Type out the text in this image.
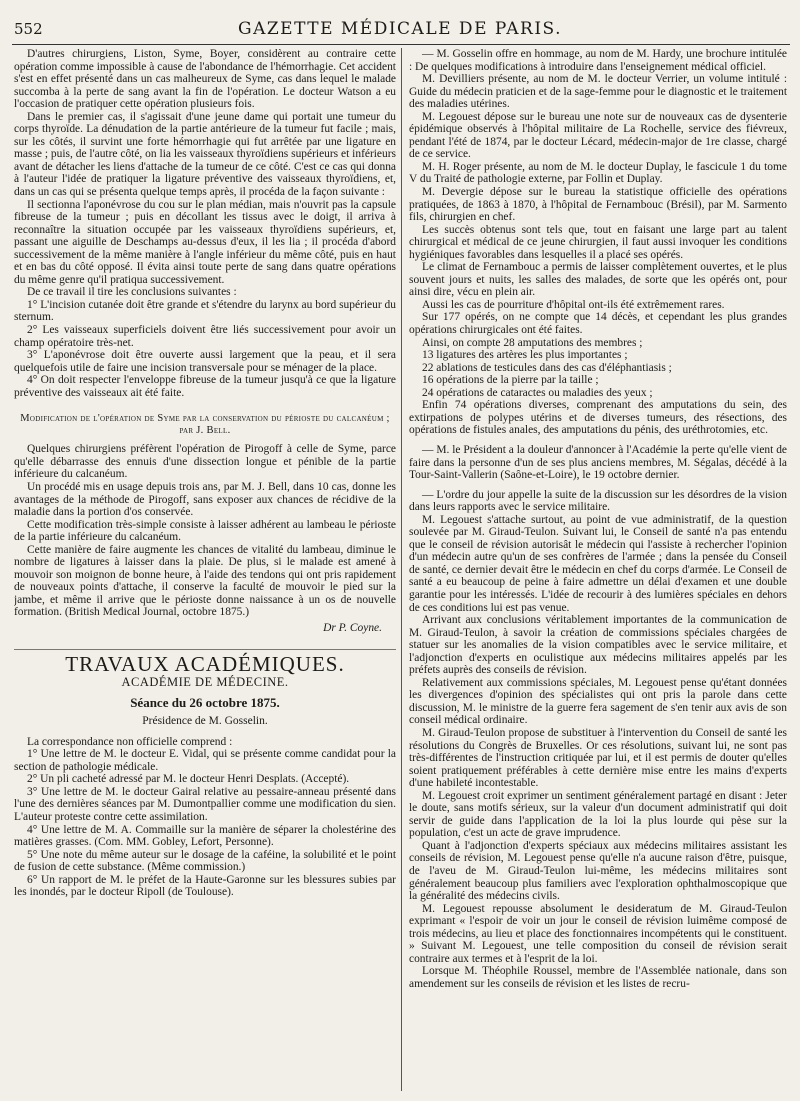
552	GAZETTE MÉDICALE DE PARIS.

D'autres chirurgiens, Liston, Syme, Boyer, considèrent au contraire cette opération comme impossible à cause de l'abondance de l'hémorrhagie. Cet accident s'est en effet présenté dans un cas malheureux de Syme, cas dans lequel le malade succomba à la perte de sang avant la fin de l'opération. Le docteur Watson a eu l'occasion de pratiquer cette opération plusieurs fois.

Dans le premier cas, il s'agissait d'une jeune dame qui portait une tumeur du corps thyroïde. La dénudation de la partie antérieure de la tumeur fut facile ; mais, sur les côtés, il survint une forte hémorrhagie qui fut arrêtée par une ligature en masse ; puis, de l'autre côté, on lia les vaisseaux thyroïdiens supérieurs et inférieurs avant de détacher les liens d'attache de la tumeur de ce côté. C'est ce cas qui donna à l'auteur l'idée de pratiquer la ligature préventive des vaisseaux thyroïdiens, et, dans un cas qui se présenta quelque temps après, il procéda de la façon suivante :

Il sectionna l'aponévrose du cou sur le plan médian, mais n'ouvrit pas la capsule fibreuse de la tumeur ; puis en décollant les tissus avec le doigt, il arriva à reconnaître la situation occupée par les vaisseaux thyroïdiens supérieurs, et, passant une aiguille de Deschamps au-dessus d'eux, il les lia ; il procéda d'abord successivement de la même manière à l'angle inférieur du même côté, puis en haut et en bas du côté opposé. Il évita ainsi toute perte de sang dans quatre opérations du même genre qu'il pratiqua successivement.

De ce travail il tire les conclusions suivantes :

1° L'incision cutanée doit être grande et s'étendre du larynx au bord supérieur du sternum.

2° Les vaisseaux superficiels doivent être liés successivement pour avoir un champ opératoire très-net.

3° L'aponévrose doit être ouverte aussi largement que la peau, et il sera quelquefois utile de faire une incision transversale pour se ménager de la place.

4° On doit respecter l'enveloppe fibreuse de la tumeur jusqu'à ce que la ligature préventive des vaisseaux ait été faite.

Modification de l'opération de Syme par la conservation du périoste du calcanéum ; par J. Bell.

Quelques chirurgiens préfèrent l'opération de Pirogoff à celle de Syme, parce qu'elle débarrasse des ennuis d'une dissection longue et pénible de la partie inférieure du calcanéum.

Un procédé mis en usage depuis trois ans, par M. J. Bell, dans 10 cas, donne les avantages de la méthode de Pirogoff, sans exposer aux chances de récidive de la maladie dans la portion d'os conservée.

Cette modification très-simple consiste à laisser adhérent au lambeau le périoste de la partie inférieure du calcanéum.

Cette manière de faire augmente les chances de vitalité du lambeau, diminue le nombre de ligatures à laisser dans la plaie. De plus, si le malade est amené à mouvoir son moignon de bonne heure, à l'aide des tendons qui ont pris rapidement de nouveaux points d'attache, il conserve la faculté de mouvoir le pied sur la jambe, et même il arrive que le périoste donne naissance à un os de nouvelle formation. (British Medical Journal, octobre 1875.)

Dr P. Coyne.
TRAVAUX ACADÉMIQUES.
ACADÉMIE DE MÉDECINE.
Séance du 26 octobre 1875.
Présidence de M. Gosselin.

La correspondance non officielle comprend :

1° Une lettre de M. le docteur E. Vidal, qui se présente comme candidat pour la section de pathologie médicale.

2° Un pli cacheté adressé par M. le docteur Henri Desplats. (Accepté).

3° Une lettre de M. le docteur Gairal relative au pessaire-anneau présenté dans l'une des dernières séances par M. Dumontpallier comme une modification du sien. L'auteur proteste contre cette assimilation.

4° Une lettre de M. A. Commaille sur la manière de séparer la cholestérine des matières grasses. (Com. MM. Gobley, Lefort, Personne).

5° Une note du même auteur sur le dosage de la caféine, la solubilité et le point de fusion de cette substance. (Même commission.)

6° Un rapport de M. le préfet de la Haute-Garonne sur les blessures subies par les inondés, par le docteur Ripoll (de Toulouse).

— M. Gosselin offre en hommage, au nom de M. Hardy, une brochure intitulée : De quelques modifications à introduire dans l'enseignement médical officiel.

M. Devilliers présente, au nom de M. le docteur Verrier, un volume intitulé : Guide du médecin praticien et de la sage-femme pour le diagnostic et le traitement des maladies utérines.

M. Legouest dépose sur le bureau une note sur de nouveaux cas de dysenterie épidémique observés à l'hôpital militaire de La Rochelle, service des fiévreux, pendant l'été de 1874, par le docteur Lécard, médecin-major de 1re classe, chargé de ce service.

M. H. Roger présente, au nom de M. le docteur Duplay, le fascicule 1 du tome V du Traité de pathologie externe, par Follin et Duplay.

M. Devergie dépose sur le bureau la statistique officielle des opérations pratiquées, de 1863 à 1870, à l'hôpital de Fernambouc (Brésil), par M. Sarmento fils, chirurgien en chef.

Les succès obtenus sont tels que, tout en faisant une large part au talent chirurgical et médical de ce jeune chirurgien, il faut aussi invoquer les conditions hygiéniques favorables dans lesquelles il a placé ses opérés.

Le climat de Fernambouc a permis de laisser complètement ouvertes, et le plus souvent jours et nuits, les salles des malades, de sorte que les opérés ont, pour ainsi dire, vécu en plein air.

Aussi les cas de pourriture d'hôpital ont-ils été extrêmement rares.

Sur 177 opérés, on ne compte que 14 décès, et cependant les plus grandes opérations chirurgicales ont été faites.

Ainsi, on compte 28 amputations des membres ;

13 ligatures des artères les plus importantes ;

22 ablations de testicules dans des cas d'éléphantiasis ;

16 opérations de la pierre par la taille ;

24 opérations de cataractes ou maladies des yeux ;

Enfin 74 opérations diverses, comprenant des amputations du sein, des extirpations de polypes utérins et de diverses tumeurs, des résections, des opérations de fistules anales, des amputations du pénis, des uréthrotomies, etc.

— M. le Président a la douleur d'annoncer à l'Académie la perte qu'elle vient de faire dans la personne d'un de ses plus anciens membres, M. Ségalas, décédé à la Tour-Saint-Vallerin (Saône-et-Loire), le 19 octobre dernier.

— L'ordre du jour appelle la suite de la discussion sur les désordres de la vision dans leurs rapports avec le service militaire.

M. Legouest s'attache surtout, au point de vue administratif, de la question soulevée par M. Giraud-Teulon. Suivant lui, le Conseil de santé n'a pas entendu que le conseil de révision autorisât le médecin qui l'assiste à rechercher l'opinion d'un médecin autre qu'un de ses confrères de l'armée ; dans la pensée du Conseil de santé, ce dernier devait être le médecin en chef du corps d'armée. Le Conseil de santé a eu beaucoup de peine à faire admettre un délai d'examen et une double garantie pour les intéressés. L'idée de recourir à des lumières spéciales en dehors de ces conditions lui est pas venue.

Arrivant aux conclusions véritablement importantes de la communication de M. Giraud-Teulon, à savoir la création de commissions spéciales chargées de statuer sur les anomalies de la vision compatibles avec le service militaire, et l'adjonction d'experts en oculistique aux médecins militaires appelés par les préfets auprès des conseils de révision.

Relativement aux commissions spéciales, M. Legouest pense qu'étant données les divergences d'opinion des spécialistes qui ont pris la parole dans cette discussion, M. le ministre de la guerre fera sagement de s'en tenir aux avis de son conseil médical ordinaire.

M. Giraud-Teulon propose de substituer à l'intervention du Conseil de santé les résolutions du Congrès de Bruxelles. Or ces résolutions, suivant lui, ne sont pas très-différentes de l'instruction critiquée par lui, et il est permis de douter qu'elles soient pratiquement préférables à cette dernière mise entre les mains d'experts d'une habileté incontestable.

M. Legouest croit exprimer un sentiment généralement partagé en disant : Jeter le doute, sans motifs sérieux, sur la valeur d'un document administratif qui doit servir de guide dans l'application de la loi la plus lourde qui pèse sur la population, c'est un acte de grave imprudence.

Quant à l'adjonction d'experts spéciaux aux médecins militaires assistant les conseils de révision, M. Legouest pense qu'elle n'a aucune raison d'être, puisque, de l'aveu de M. Giraud-Teulon lui-même, les médecins militaires sont généralement beaucoup plus familiers avec l'exploration ophthalmoscopique que la généralité des médecins civils.

M. Legouest repousse absolument le desideratum de M. Giraud-Teulon exprimant « l'espoir de voir un jour le conseil de révision luimême composé de trois médecins, au lieu et place des fonctionnaires incompétents qui le constituent. » Suivant M. Legouest, une telle composition du conseil de révision serait contraire aux termes et à l'esprit de la loi.

Lorsque M. Théophile Roussel, membre de l'Assemblée nationale, dans son amendement sur les conseils de révision et les listes de recru-
